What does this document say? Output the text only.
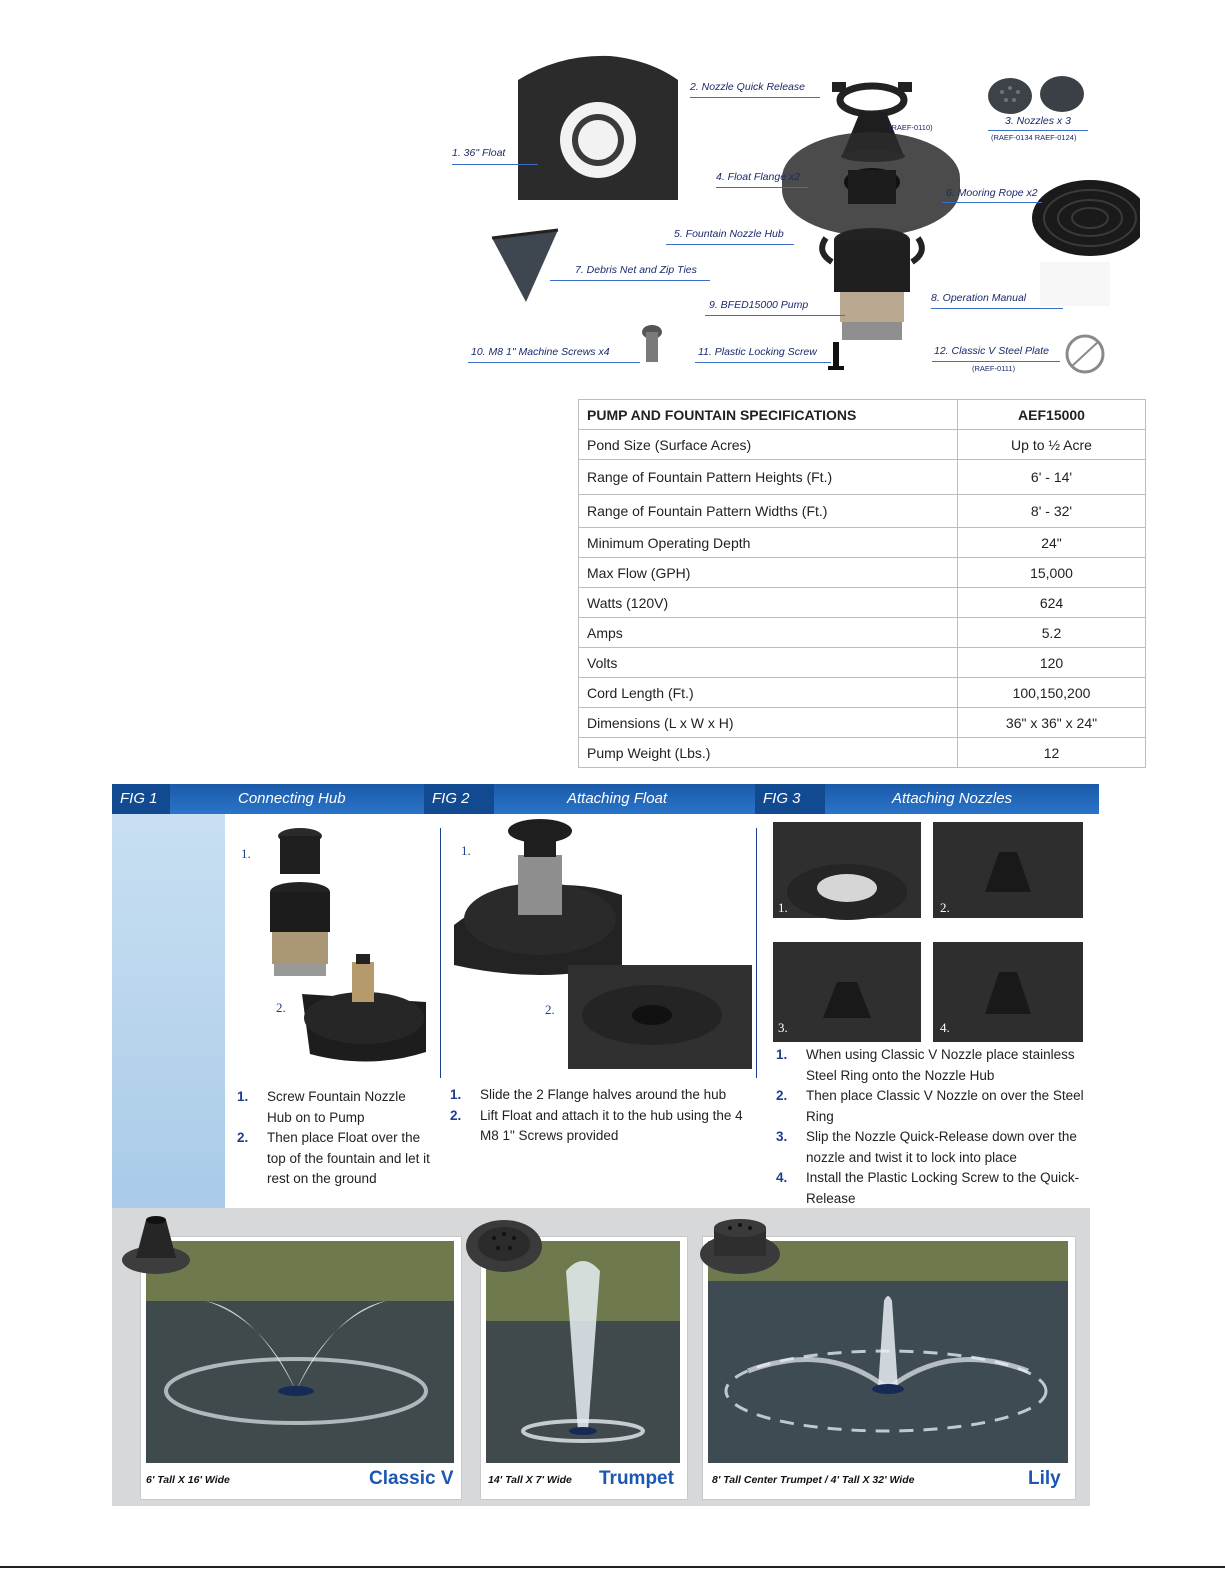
1. 36" Float
2. Nozzle Quick Release
(RAEF-0110)
3. Nozzles x 3
(RAEF-0134 RAEF-0124)
4. Float Flange x2
5. Fountain Nozzle Hub
6. Mooring Rope x2
7. Debris Net and Zip Ties
8. Operation Manual
9. BFED15000 Pump
10. M8 1" Machine Screws x4	11. Plastic Locking Screw	12. Classic V Steel Plate
(RAEF-0111)
PUMP AND FOUNTAIN SPECIFICATIONS	AEF15000
Pond Size (Surface Acres)	Up to ½ Acre
Range of Fountain Pattern Heights (Ft.)	6' - 14'
Range of Fountain Pattern Widths (Ft.)	8' - 32'
Minimum Operating Depth	24"
Max Flow (GPH)	15,000
Watts (120V)	624
Amps	5.2
Volts	120
Cord Length (Ft.)	100,150,200
Dimensions (L x W x H)	36" x 36" x 24"
Pump Weight (Lbs.)	12
FIG 1	Connecting Hub	FIG 2	Attaching Float	FIG 3	Attaching Nozzles
1.
2.
1. Screw Fountain Nozzle Hub on to Pump
2. Then place Float over the top of the fountain and let it rest on the ground
1.
2.
1. Slide the 2 Flange halves around the hub
2. Lift Float and attach it to the hub using the 4 M8 1" Screws provided
1.	2.
3.	4.
1. When using Classic V Nozzle place stainless Steel Ring onto the Nozzle Hub
2. Then place Classic V Nozzle on over the Steel Ring
3. Slip the Nozzle Quick-Release down over the nozzle and twist it to lock into place
4. Install the Plastic Locking Screw to the Quick-Release
6' Tall X 16' Wide	Classic V	14' Tall X 7' Wide Trumpet	8' Tall Center Trumpet / 4' Tall X 32' Wide	Lily
